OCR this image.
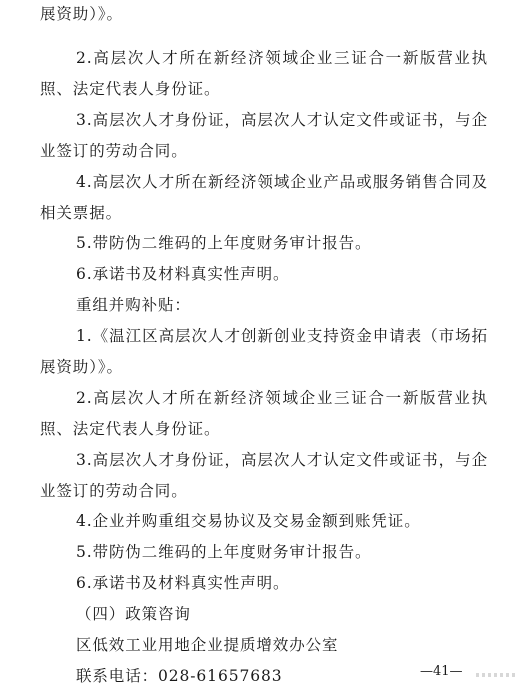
展资助）》。
2.高层次人才所在新经济领域企业三证合一新版营业执
照、法定代表人身份证。
3.高层次人才身份证，高层次人才认定文件或证书，与企
业签订的劳动合同。
4.高层次人才所在新经济领域企业产品或服务销售合同及
相关票据。
5.带防伪二维码的上年度财务审计报告。
6.承诺书及材料真实性声明。
重组并购补贴：
1.《温江区高层次人才创新创业支持资金申请表（市场拓
展资助）》。
2.高层次人才所在新经济领域企业三证合一新版营业执
照、法定代表人身份证。
3.高层次人才身份证，高层次人才认定文件或证书，与企
业签订的劳动合同。
4.企业并购重组交易协议及交易金额到账凭证。
5.带防伪二维码的上年度财务审计报告。
6.承诺书及材料真实性声明。
（四）政策咨询
区低效工业用地企业提质增效办公室
联系电话：028-61657683	—41—
